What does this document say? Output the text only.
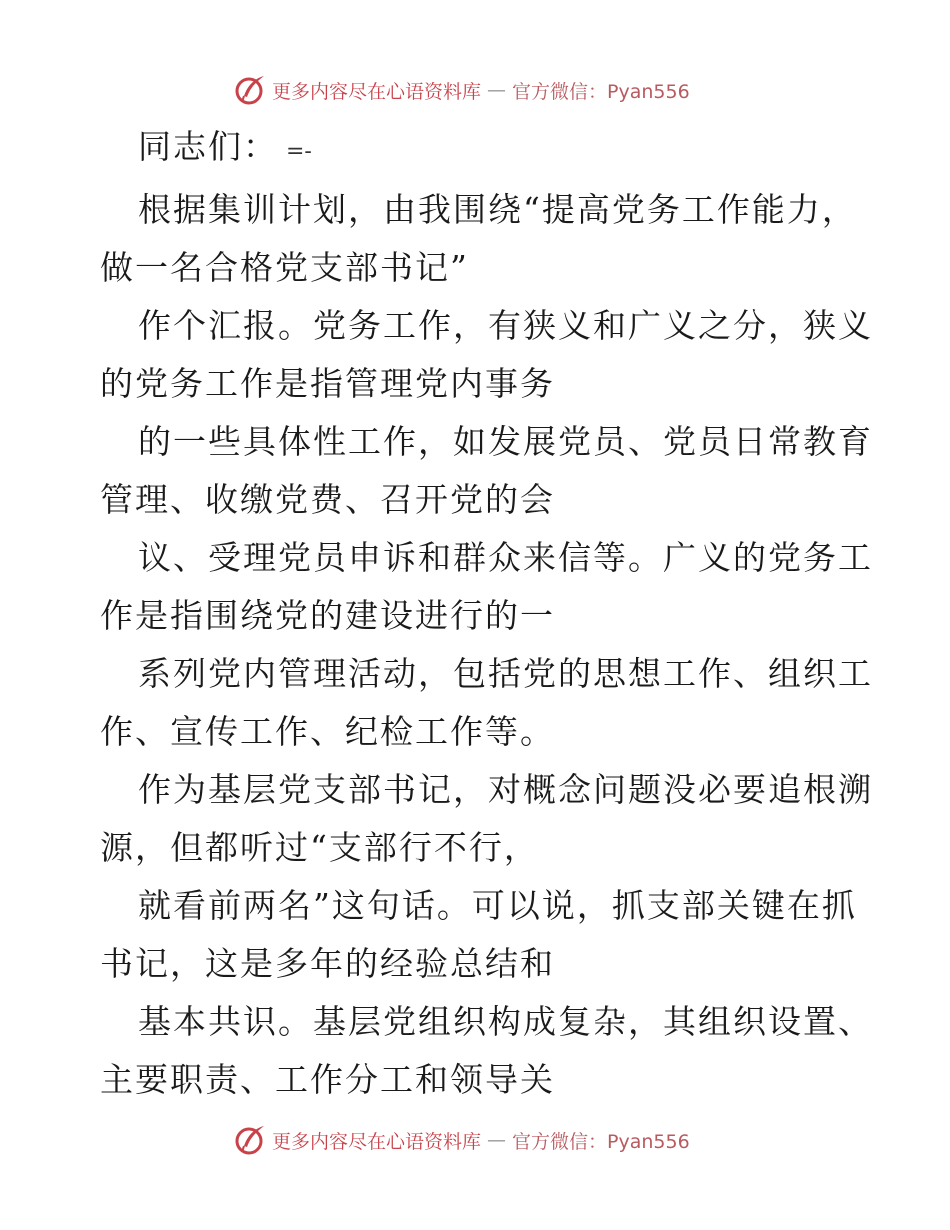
更多内容尽在心语资料库 — 官方微信：Pyan556

同志们： =-

根据集训计划，由我围绕“提高党务工作能力，

做一名合格党支部书记”

作个汇报。党务工作，有狭义和广义之分，狭义

的党务工作是指管理党内事务

的一些具体性工作，如发展党员、党员日常教育

管理、收缴党费、召开党的会

议、受理党员申诉和群众来信等。广义的党务工

作是指围绕党的建设进行的一

系列党内管理活动，包括党的思想工作、组织工

作、宣传工作、纪检工作等。

作为基层党支部书记，对概念问题没必要追根溯

源，但都听过“支部行不行，

就看前两名”这句话。可以说，抓支部关键在抓

书记，这是多年的经验总结和

基本共识。基层党组织构成复杂，其组织设置、

主要职责、工作分工和领导关

更多内容尽在心语资料库 — 官方微信：Pyan556
